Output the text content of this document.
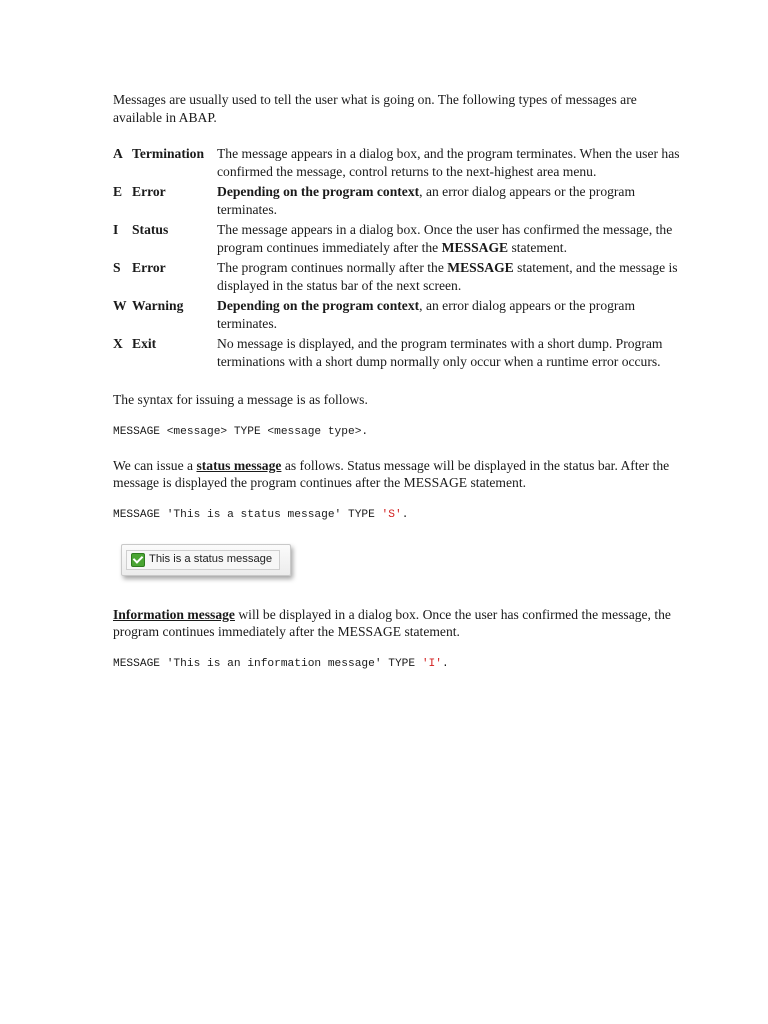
Messages are usually used to tell the user what is going on. The following types of messages are available in ABAP.

A Termination	The message appears in a dialog box, and the program terminates. When the user has confirmed the message, control returns to the next-highest area menu.
E Error	Depending on the program context, an error dialog appears or the program terminates.
I Status	The message appears in a dialog box. Once the user has confirmed the message, the program continues immediately after the MESSAGE statement.
S Error	The program continues normally after the MESSAGE statement, and the message is displayed in the status bar of the next screen.
W Warning	Depending on the program context, an error dialog appears or the program terminates.
X Exit	No message is displayed, and the program terminates with a short dump. Program terminations with a short dump normally only occur when a runtime error occurs.

The syntax for issuing a message is as follows.

MESSAGE <message> TYPE <message type>.

We can issue a status message as follows. Status message will be displayed in the status bar. After the message is displayed the program continues after the MESSAGE statement.

MESSAGE 'This is a status message' TYPE 'S'.
This is a status message

Information message will be displayed in a dialog box. Once the user has confirmed the message, the program continues immediately after the MESSAGE statement.

MESSAGE 'This is an information message' TYPE 'I'.
